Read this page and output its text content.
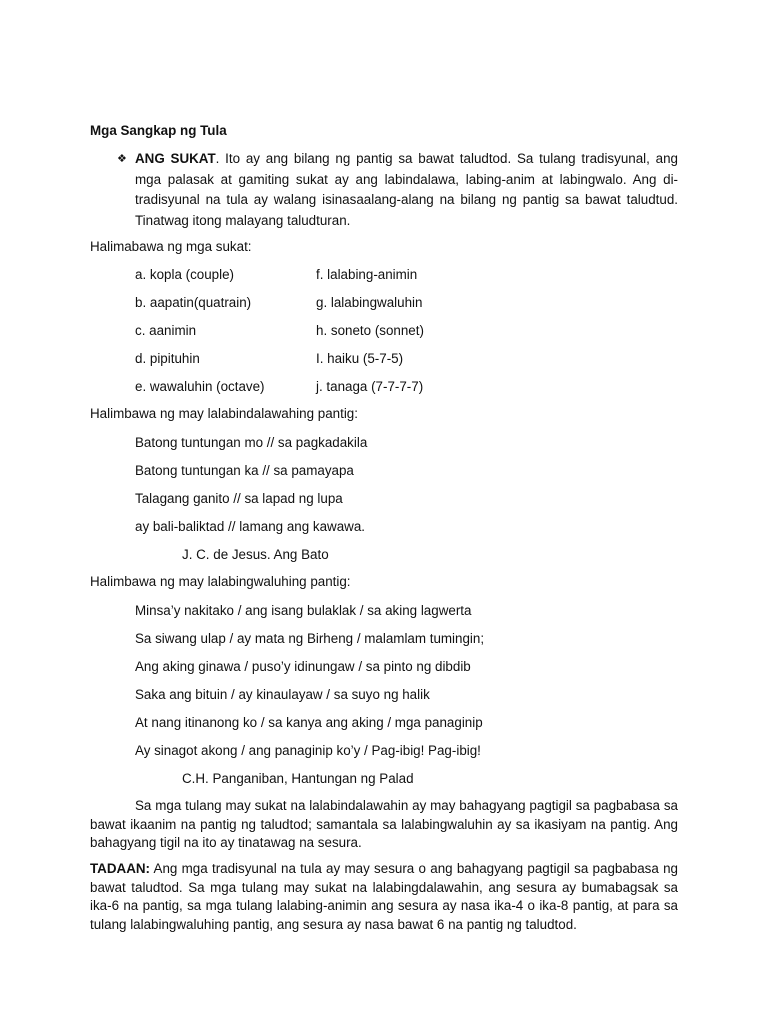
Mga Sangkap ng Tula
❖ ANG SUKAT. Ito ay ang bilang ng pantig sa bawat taludtod. Sa tulang tradisyunal, ang mga palasak at gamiting sukat ay ang labindalawa, labing-anim at labingwalo. Ang di-tradisyunal na tula ay walang isinasaalang-alang na bilang ng pantig sa bawat taludtud. Tinatwag itong malayang taludturan.
Halimabawa ng mga sukat:
a. kopla (couple)	f. lalabing-animin
b. aapatin(quatrain)	g. lalabingwaluhin
c. aanimin	h. soneto (sonnet)
d. pipituhin	I. haiku (5-7-5)
e. wawaluhin (octave)	j. tanaga (7-7-7-7)
Halimbawa ng may lalabindalawahing pantig:
Batong tuntungan mo // sa pagkadakila
Batong tuntungan ka // sa pamayapa
Talagang ganito // sa lapad ng lupa
ay bali-baliktad // lamang ang kawawa.
J. C. de Jesus. Ang Bato
Halimbawa ng may lalabingwaluhing pantig:
Minsa’y nakitako / ang isang bulaklak / sa aking lagwerta
Sa siwang ulap / ay mata ng Birheng / malamlam tumingin;
Ang aking ginawa / puso’y idinungaw / sa pinto ng dibdib
Saka ang bituin / ay kinaulayaw / sa suyo ng halik
At nang itinanong ko / sa kanya ang aking / mga panaginip
Ay sinagot akong / ang panaginip ko’y / Pag-ibig! Pag-ibig!
C.H. Panganiban, Hantungan ng Palad
Sa mga tulang may sukat na lalabindalawahin ay may bahagyang pagtigil sa pagbabasa sa bawat ikaanim na pantig ng taludtod; samantala sa lalabingwaluhin ay sa ikasiyam na pantig. Ang bahagyang tigil na ito ay tinatawag na sesura.
TADAAN: Ang mga tradisyunal na tula ay may sesura o ang bahagyang pagtigil sa pagbabasa ng bawat taludtod. Sa mga tulang may sukat na lalabingdalawahin, ang sesura ay bumabagsak sa ika-6 na pantig, sa mga tulang lalabing-animin ang sesura ay nasa ika-4 o ika-8 pantig, at para sa tulang lalabingwaluhing pantig, ang sesura ay nasa bawat 6 na pantig ng taludtod.
